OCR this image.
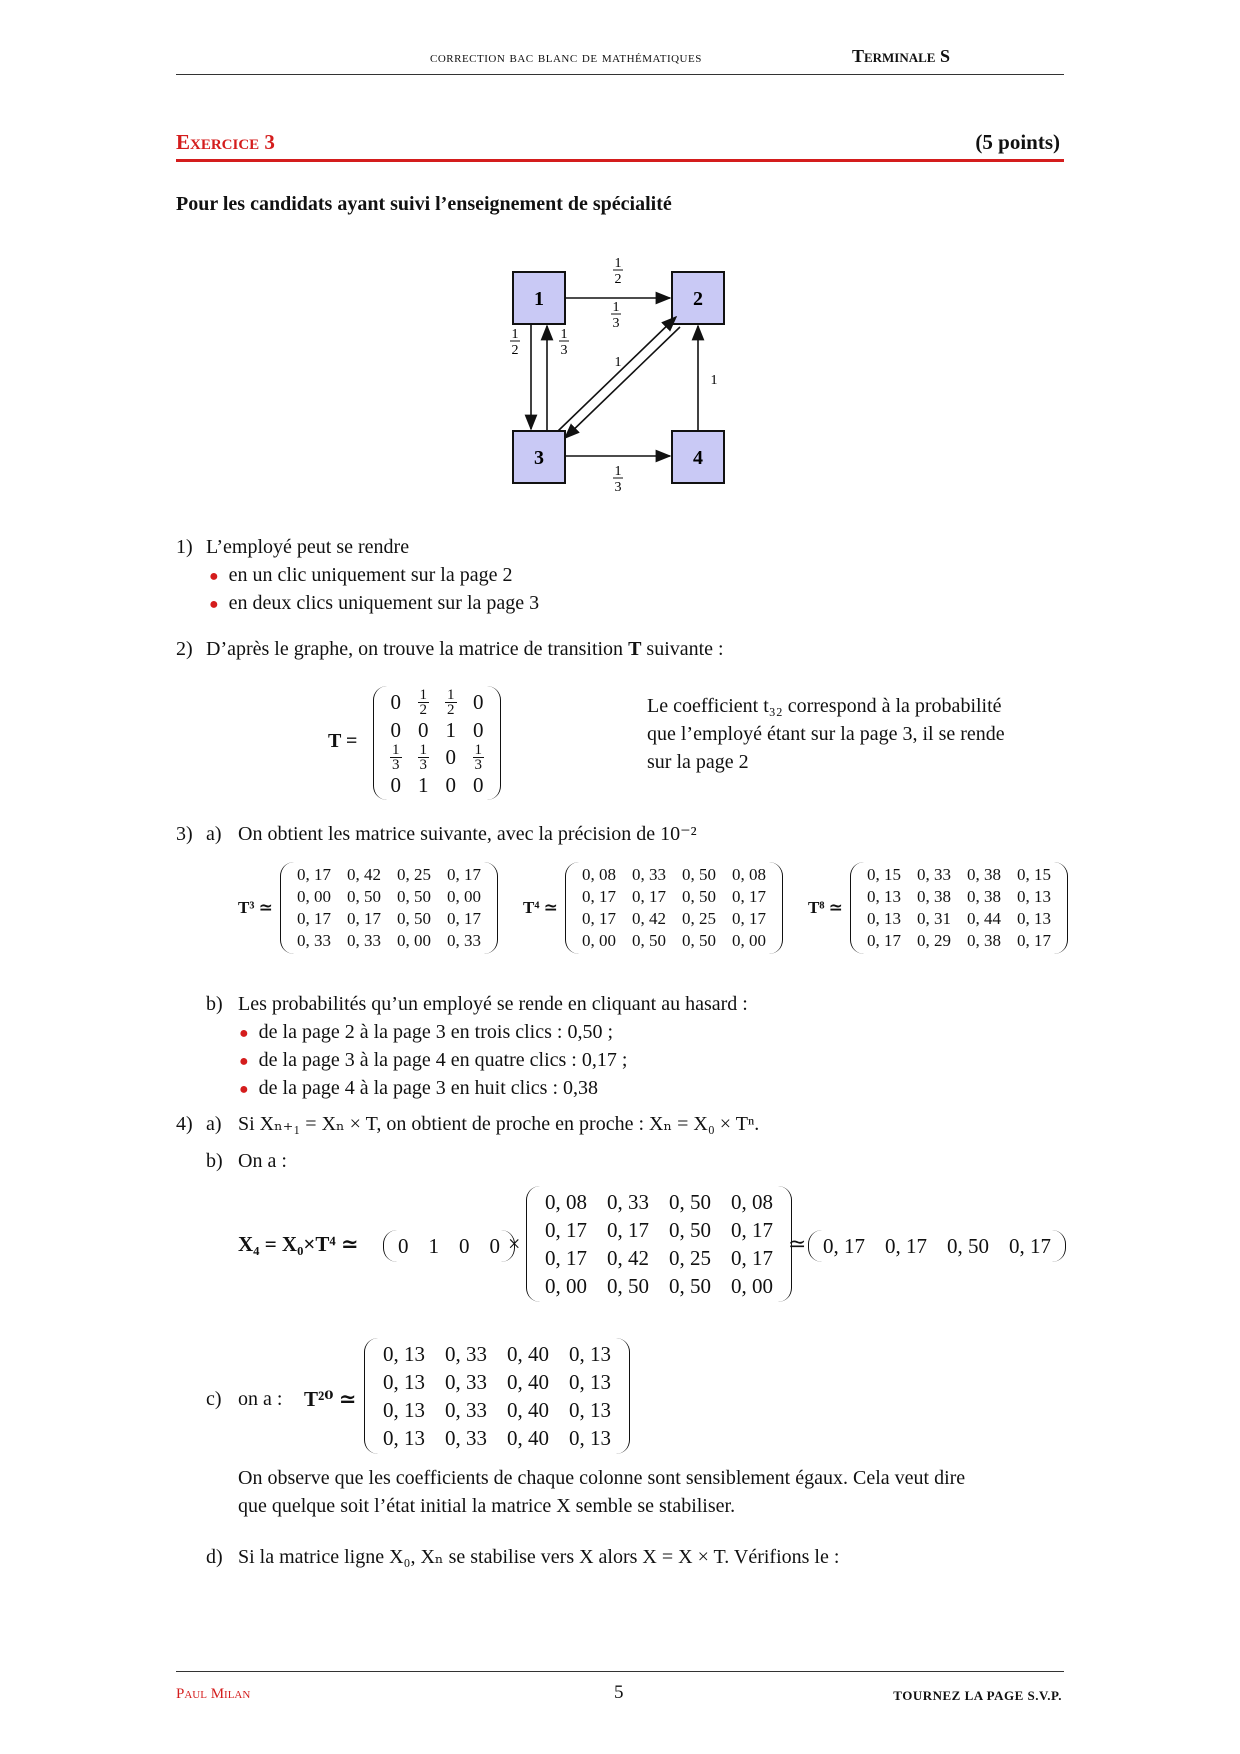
correction bac blanc de mathématiques	Terminale S
Exercice 3	(5 points)
Pour les candidats ayant suivi l’enseignement de spécialité
1	2
3	4
1
2
1
2
1
3
1
3
1
1
3
1
1) L’employé peut se rendre
● en un clic uniquement sur la page 2
● en deux clics uniquement sur la page 3
2) D’après le graphe, on trouve la matrice de transition T suivante :
T =
0	$\frac{1}{2}$	$\frac{1}{2}$	0
0	0	1	0

$\frac{1}{3}$	$\frac{1}{3}$	0	$\frac{1}{3}$

0	1	0	0
Le coefficient t₃₂ correspond à la probabilité
que l’employé étant sur la page 3, il se rende
sur la page 2
3) a) On obtient les matrice suivante, avec la précision de 10⁻²
T³ ≃
0, 17	0, 42	0, 25	0, 17
0, 00	0, 50	0, 50	0, 00
0, 17	0, 17	0, 50	0, 17
0, 33	0, 33	0, 00	0, 33
T⁴ ≃
0, 08	0, 33	0, 50	0, 08
0, 17	0, 17	0, 50	0, 17
0, 17	0, 42	0, 25	0, 17
0, 00	0, 50	0, 50	0, 00
T⁸ ≃
0, 15	0, 33	0, 38	0, 15
0, 13	0, 38	0, 38	0, 13
0, 13	0, 31	0, 44	0, 13
0, 17	0, 29	0, 38	0, 17
b) Les probabilités qu’un employé se rende en cliquant au hasard :
● de la page 2 à la page 3 en trois clics : 0,50 ;
● de la page 3 à la page 4 en quatre clics : 0,17 ;
● de la page 4 à la page 3 en huit clics : 0,38
4) a) Si Xₙ₊₁ = Xₙ × T, on obtient de proche en proche : Xₙ = X₀ × Tⁿ.
b) On a :
X₄ = X₀×T⁴ ≃ 0	1	0	0 ×
0, 08	0, 33	0, 50	0, 08
0, 17	0, 17	0, 50	0, 17
0, 17	0, 42	0, 25	0, 17
0, 00	0, 50	0, 50	0, 00
≃ 0, 17	0, 17	0, 50	0, 17
c) on a : T²⁰ ≃
0, 13	0, 33	0, 40	0, 13
0, 13	0, 33	0, 40	0, 13
0, 13	0, 33	0, 40	0, 13
0, 13	0, 33	0, 40	0, 13
On observe que les coefficients de chaque colonne sont sensiblement égaux. Cela veut dire
que quelque soit l’état initial la matrice X semble se stabiliser.
d) Si la matrice ligne X₀, Xₙ se stabilise vers X alors X = X × T. Vérifions le :
Paul Milan	5	TOURNEZ LA PAGE S.V.P.
